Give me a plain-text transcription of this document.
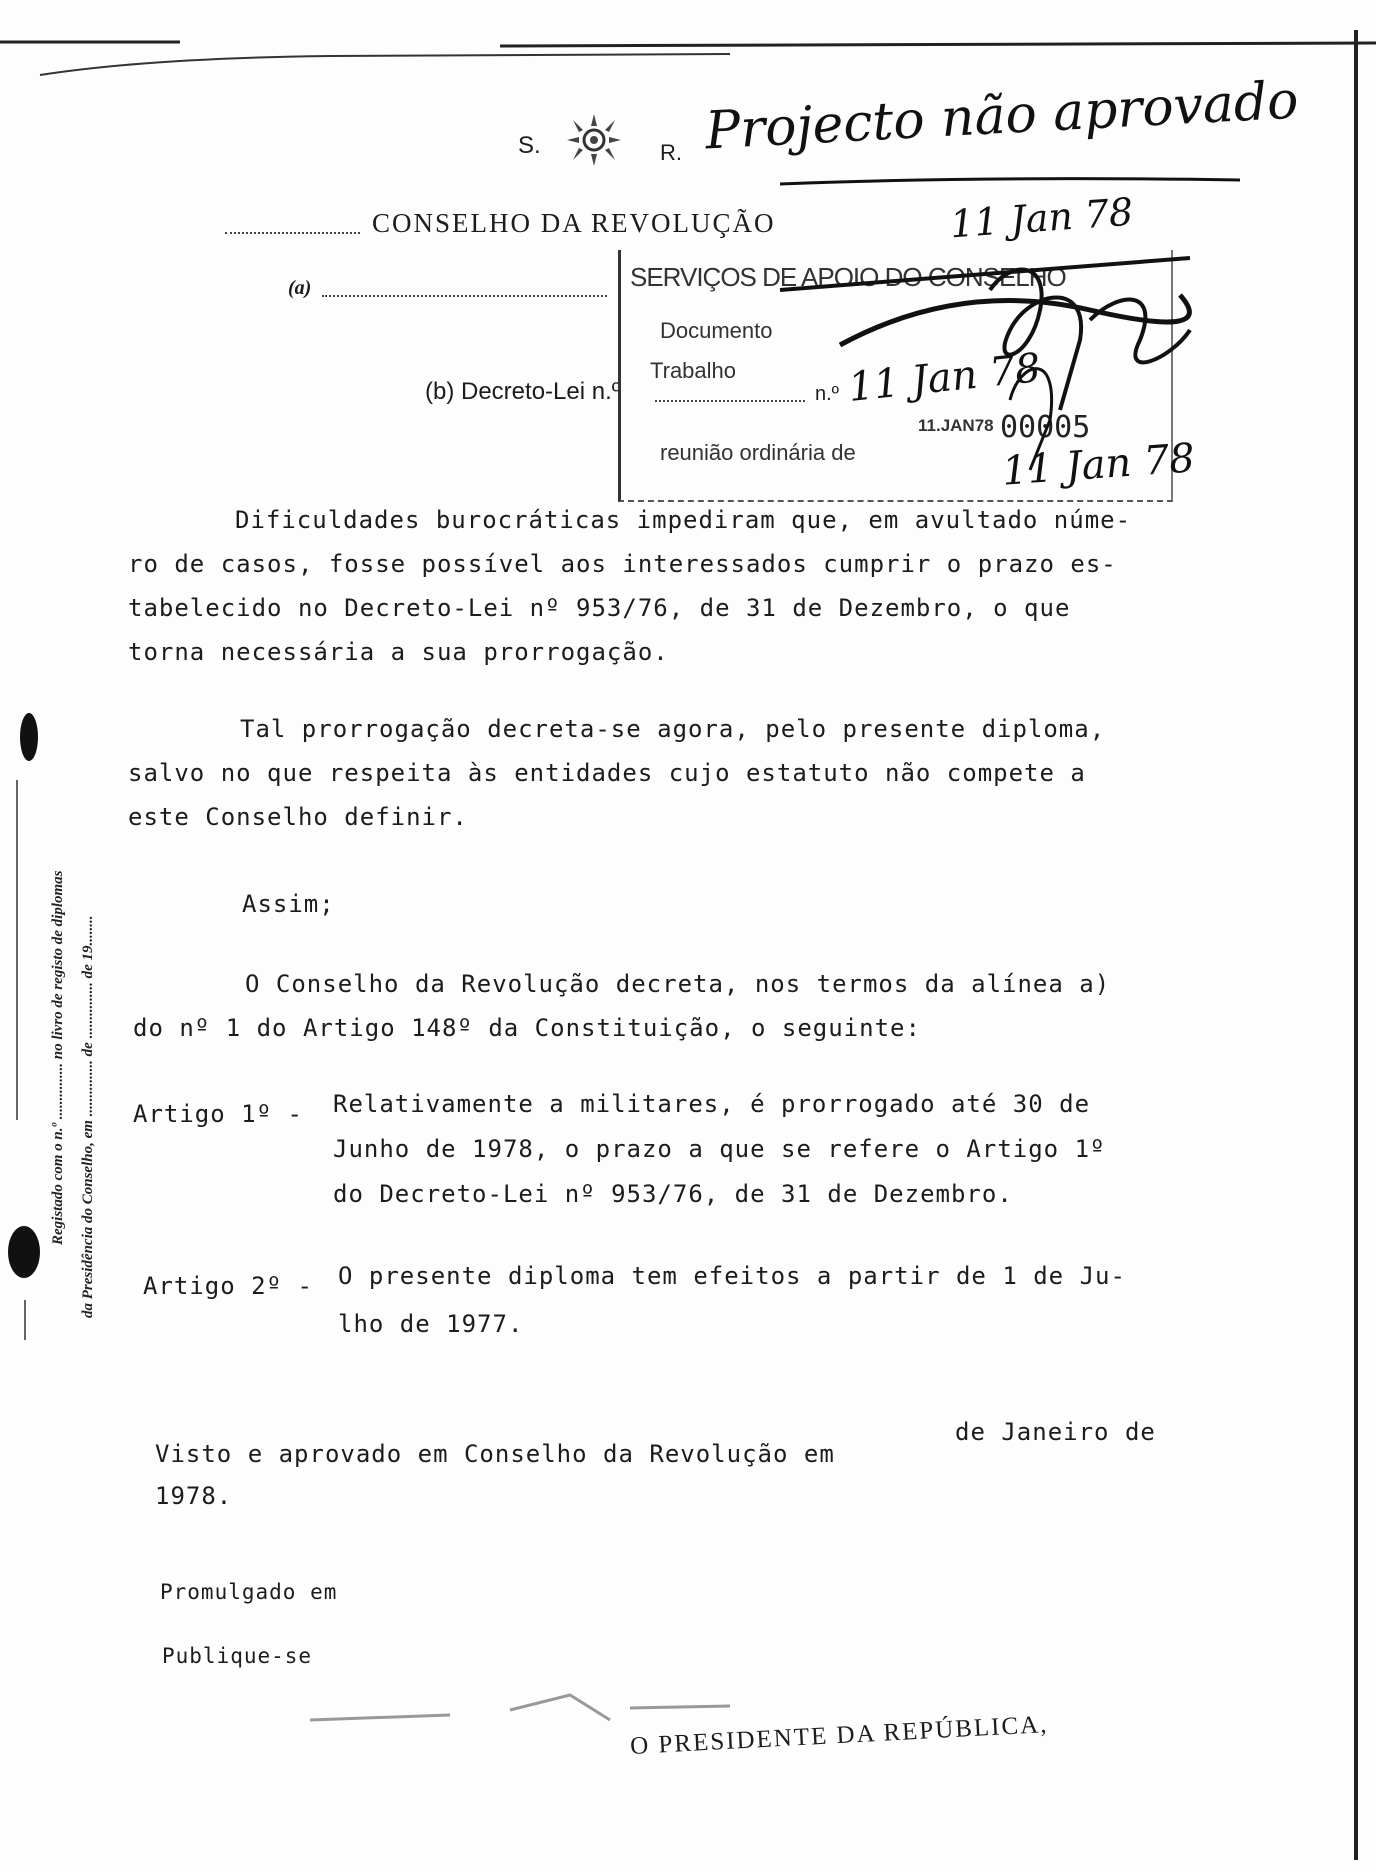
S.	R. Projecto não aprovado
11 Jan 78
CONSELHO DA REVOLUÇÃO
(a)
(b) Decreto-Lei n.º	n.º
SERVIÇOS DE APOIO DO CONSELHO
Documento
Trabalho
reunião ordinária de
11.JAN78 00005
11 Jan 78
11 Jan 78
Dificuldades burocráticas impediram que, em avultado núme-
ro de casos, fosse possível aos interessados cumprir o prazo es-
tabelecido no Decreto-Lei nº 953/76, de 31 de Dezembro, o que
torna necessária a sua prorrogação.
Tal prorrogação decreta-se agora, pelo presente diploma,
salvo no que respeita às entidades cujo estatuto não compete a
este Conselho definir.
Assim;
O Conselho da Revolução decreta, nos termos da alínea a)
do nº 1 do Artigo 148º da Constituição, o seguinte:
Artigo 1º - Relativamente a militares, é prorrogado até 30 de
Junho de 1978, o prazo a que se refere o Artigo 1º
do Decreto-Lei nº 953/76, de 31 de Dezembro.
Artigo 2º - O presente diploma tem efeitos a partir de 1 de Ju-
lho de 1977.
Visto e aprovado em Conselho da Revolução em
de Janeiro de
1978.
Promulgado em
Publique-se
O PRESIDENTE DA REPÚBLICA,
Registado com o n.º ............... no livro de registo de diplomas da Presidência do Conselho, em ............... de ............... de 19........
